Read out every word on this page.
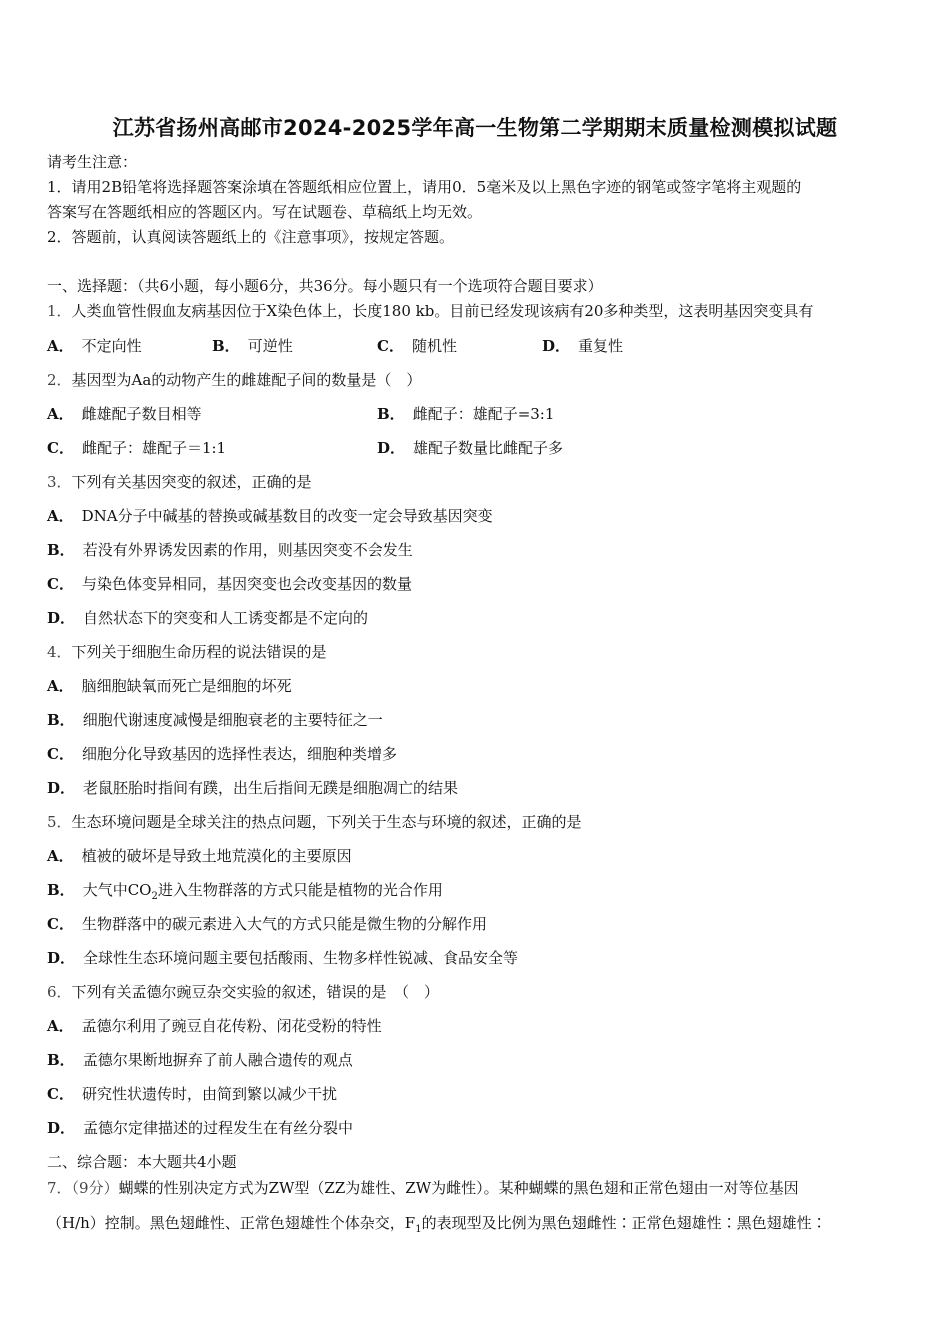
江苏省扬州高邮市2024-2025学年高一生物第二学期期末质量检测模拟试题
请考生注意：
1．请用2B铅笔将选择题答案涂填在答题纸相应位置上，请用0．5毫米及以上黑色字迹的钢笔或签字笔将主观题的
答案写在答题纸相应的答题区内。写在试题卷、草稿纸上均无效。
2．答题前，认真阅读答题纸上的《注意事项》，按规定答题。
一、选择题：（共6小题，每小题6分，共36分。每小题只有一个选项符合题目要求）
1．人类血管性假血友病基因位于X染色体上，长度180 kb。目前已经发现该病有20多种类型，这表明基因突变具有
A． 不定向性	B． 可逆性	C． 随机性	D． 重复性
2．基因型为Aa的动物产生的雌雄配子间的数量是（　）
A． 雌雄配子数目相等	B． 雌配子：雄配子=3:1
C． 雌配子：雄配子＝1:1	D． 雄配子数量比雌配子多
3．下列有关基因突变的叙述，正确的是
A． DNA分子中碱基的替换或碱基数目的改变一定会导致基因突变
B． 若没有外界诱发因素的作用，则基因突变不会发生
C． 与染色体变异相同，基因突变也会改变基因的数量
D． 自然状态下的突变和人工诱变都是不定向的
4．下列关于细胞生命历程的说法错误的是
A． 脑细胞缺氧而死亡是细胞的坏死
B． 细胞代谢速度减慢是细胞衰老的主要特征之一
C． 细胞分化导致基因的选择性表达，细胞种类增多
D． 老鼠胚胎时指间有蹼，出生后指间无蹼是细胞凋亡的结果
5．生态环境问题是全球关注的热点问题，下列关于生态与环境的叙述，正确的是
A． 植被的破坏是导致土地荒漠化的主要原因
B． 大气中$CO_2$进入生物群落的方式只能是植物的光合作用
C． 生物群落中的碳元素进入大气的方式只能是微生物的分解作用
D． 全球性生态环境问题主要包括酸雨、生物多样性锐减、食品安全等
6．下列有关孟德尔豌豆杂交实验的叙述，错误的是　（　）
A． 孟德尔利用了豌豆自花传粉、闭花受粉的特性
B． 孟德尔果断地摒弃了前人融合遗传的观点
C． 研究性状遗传时，由简到繁以减少干扰
D． 孟德尔定律描述的过程发生在有丝分裂中
二、综合题：本大题共4小题
7．（9分）蝴蝶的性别决定方式为ZW型（ZZ为雄性、ZW为雌性）。某种蝴蝶的黑色翅和正常色翅由一对等位基因
（H/h）控制。黑色翅雌性、正常色翅雄性个体杂交，$F_1$的表现型及比例为黑色翅雌性∶正常色翅雄性∶黑色翅雄性∶
